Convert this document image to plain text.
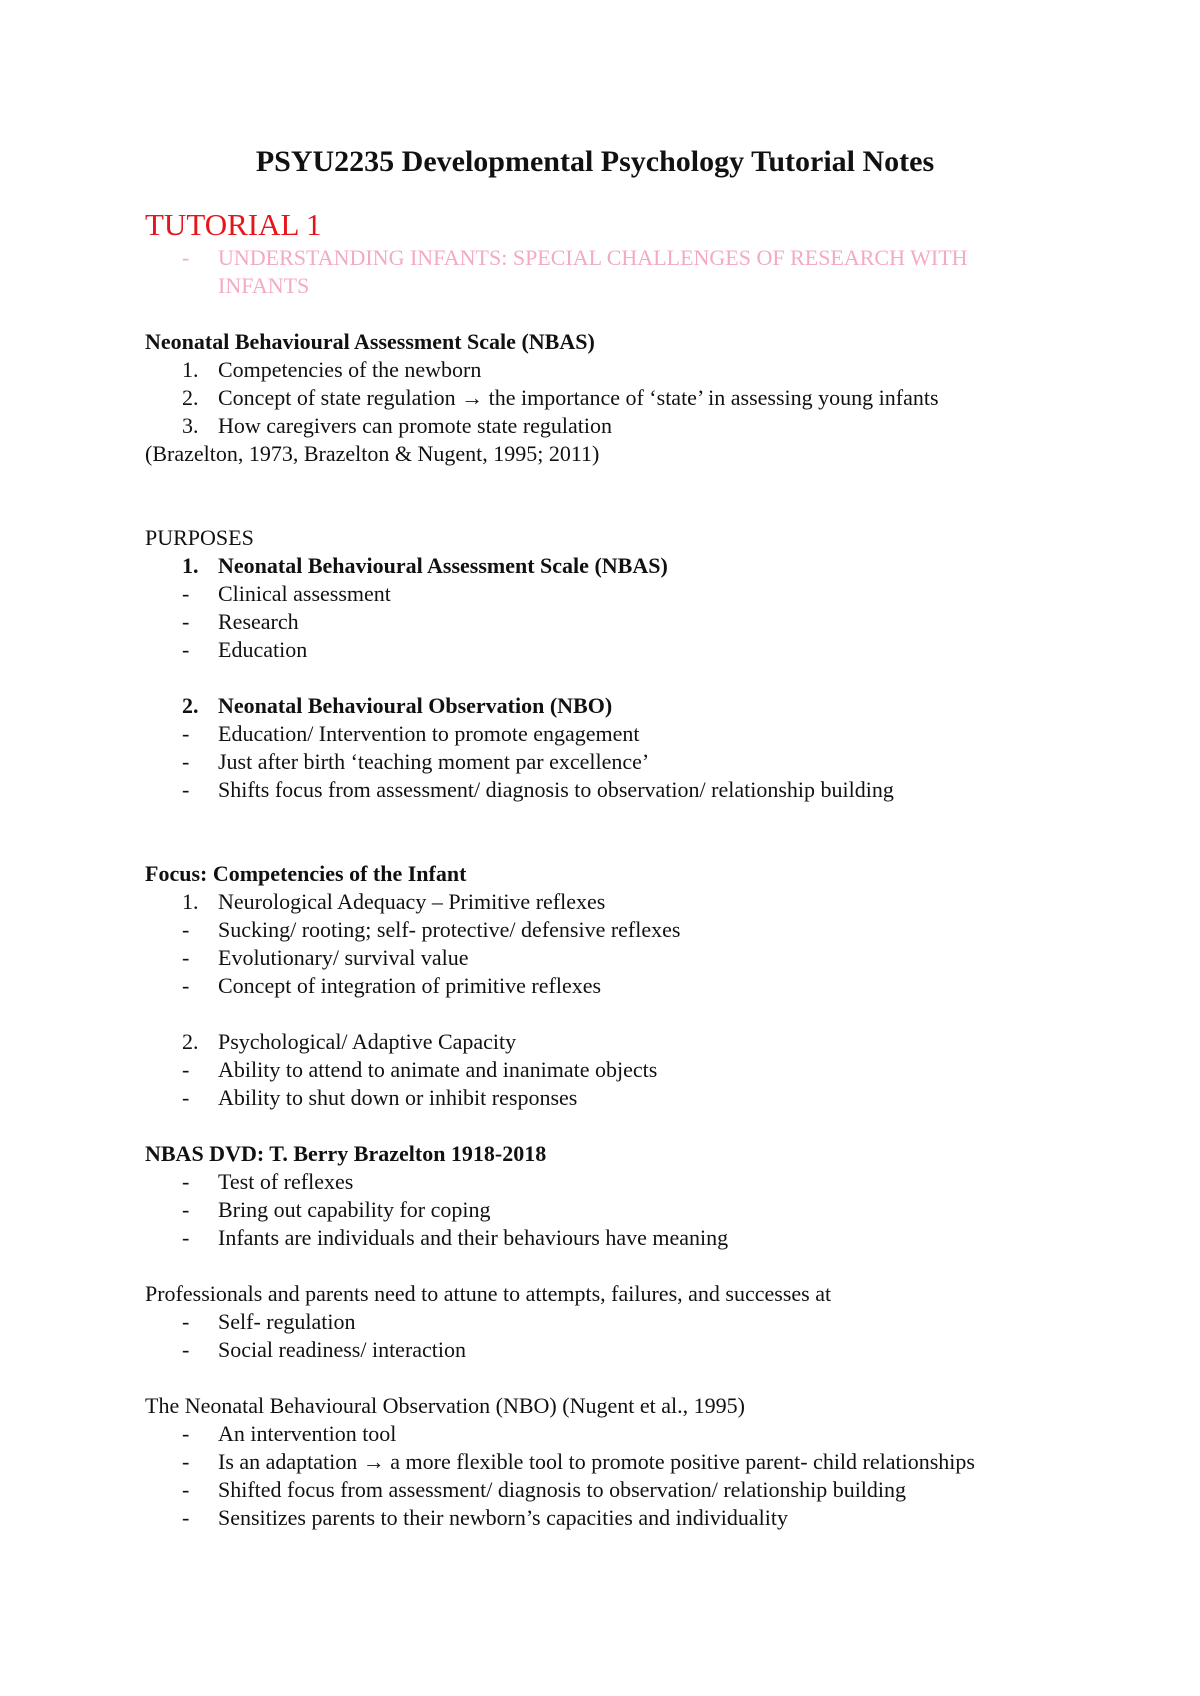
PSYU2235 Developmental Psychology Tutorial Notes
TUTORIAL 1
-	UNDERSTANDING INFANTS: SPECIAL CHALLENGES OF RESEARCH WITH INFANTS
Neonatal Behavioural Assessment Scale (NBAS)
1. Competencies of the newborn
2. Concept of state regulation → the importance of ‘state’ in assessing young infants
3. How caregivers can promote state regulation
(Brazelton, 1973, Brazelton & Nugent, 1995; 2011)
PURPOSES
1. Neonatal Behavioural Assessment Scale (NBAS)
-	Clinical assessment
-	Research
-	Education
2. Neonatal Behavioural Observation (NBO)
-	Education/ Intervention to promote engagement
-	Just after birth ‘teaching moment par excellence’
-	Shifts focus from assessment/ diagnosis to observation/ relationship building
Focus: Competencies of the Infant
1. Neurological Adequacy – Primitive reflexes
-	Sucking/ rooting; self- protective/ defensive reflexes
-	Evolutionary/ survival value
-	Concept of integration of primitive reflexes
2. Psychological/ Adaptive Capacity
-	Ability to attend to animate and inanimate objects
-	Ability to shut down or inhibit responses
NBAS DVD: T. Berry Brazelton 1918-2018
-	Test of reflexes
-	Bring out capability for coping
-	Infants are individuals and their behaviours have meaning
Professionals and parents need to attune to attempts, failures, and successes at
-	Self- regulation
-	Social readiness/ interaction
The Neonatal Behavioural Observation (NBO) (Nugent et al., 1995)
-	An intervention tool
-	Is an adaptation → a more flexible tool to promote positive parent- child relationships
-	Shifted focus from assessment/ diagnosis to observation/ relationship building
-	Sensitizes parents to their newborn’s capacities and individuality
